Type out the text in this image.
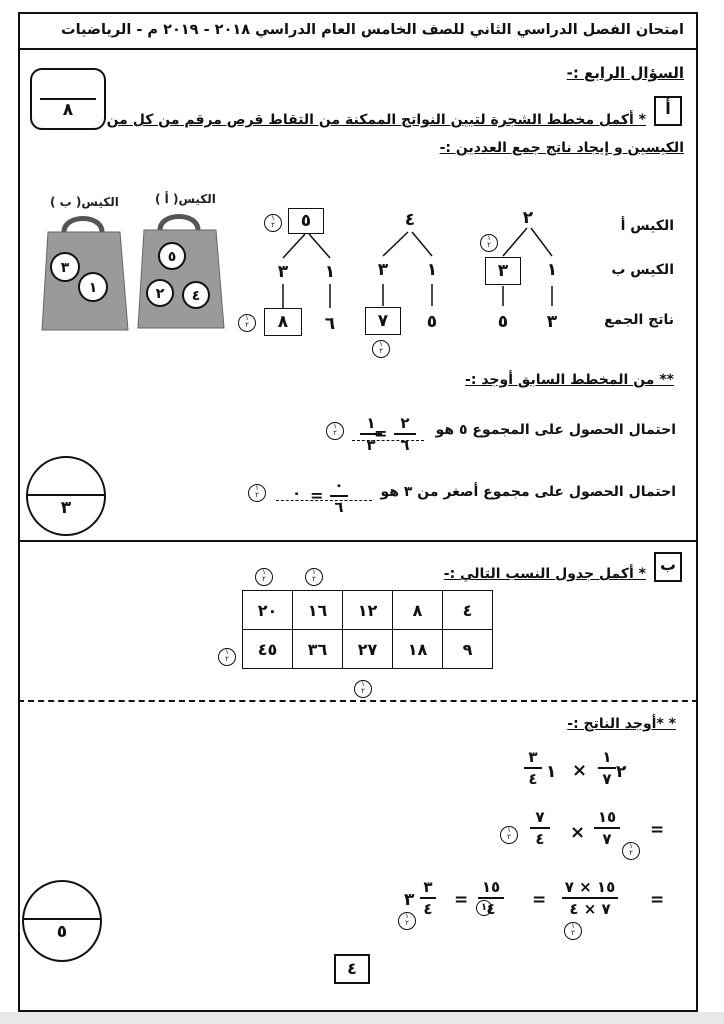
امتحان الفصل الدراسي الثاني للصف الخامس العام الدراسي ٢٠١٨ - ٢٠١٩ م - الرياضيات
السؤال الرابع :-
٨	أ
* أكمل مخطط الشجرة لتبين النواتج الممكنة من التقاط قرص مرقم من كل من
الكيسين و إيجاد ناتج جمع العددين :-
الكيس أ
الكيس ب
ناتج الجمع
٢
٣	١
٥	٣
٤
٣	١
٧	٥
٥
٣	١
٨	٦
١
٢
١
٢
١
٢
١
٢
الكيس( أ )
الكيس( ب )
٥
٢	٤
٣
١
** من المخطط السابق أوجد :-
احتمال الحصول على المجموع ٥ هو
٢
٦
=
١
٣
١
٢
احتمال الحصول على مجموع أصغر من ٣ هو
٠
٦
=
٠
١
٢
٣
ب
* أكمل جدول النسب التالي :-
١
٢
١
٢
٢٠	١٦	١٢	٨	٤
٤٥	٣٦	٢٧	١٨	٩
١
٢
١
٢
* *أوجد الناتج :-
٢
١
٧
×
١
٣
٤
=
١٥
٧	١
٢
×
٧
٤
١
٢
=
١٥ × ٧
٧ × ٤
١
٢
=
١٥
٤
١
=
٣
٣
٤
١
٢
٥
٤
